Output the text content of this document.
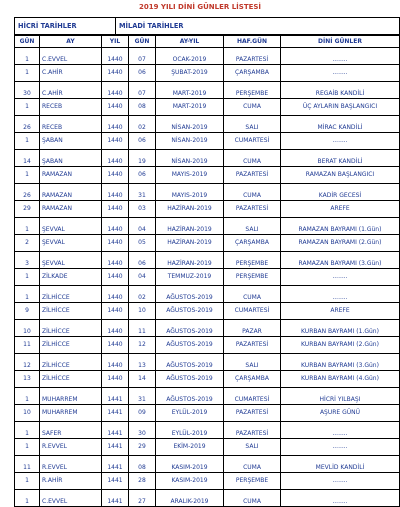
2019 YILI DİNİ GÜNLER LİSTESİ
HİCRİ TARİHLER	MİLADİ TARİHLER
GÜN	AY	YIL	GÜN	AY-YIL	HAF.GÜN	DİNİ GÜNLER
1	C.EVVEL	1440	07	OCAK-2019	PAZARTESİ	........
1	C.AHİR	1440	06	ŞUBAT-2019	ÇARŞAMBA	........
30	C.AHİR	1440	07	MART-2019	PERŞEMBE	REGAİB KANDİLİ
1	RECEB	1440	08	MART-2019	CUMA	ÜÇ AYLARIN BAŞLANGICI
26	RECEB	1440	02	NİSAN-2019	SALI	MİRAC KANDİLİ
1	ŞABAN	1440	06	NİSAN-2019	CUMARTESİ	........
14	ŞABAN	1440	19	NİSAN-2019	CUMA	BERAT KANDİLİ
1	RAMAZAN	1440	06	MAYIS-2019	PAZARTESİ	RAMAZAN BAŞLANGICI
26	RAMAZAN	1440	31	MAYIS-2019	CUMA	KADİR GECESİ
29	RAMAZAN	1440	03	HAZİRAN-2019	PAZARTESİ	AREFE
1	ŞEVVAL	1440	04	HAZİRAN-2019	SALI	RAMAZAN BAYRAMI (1.Gün)
2	ŞEVVAL	1440	05	HAZİRAN-2019	ÇARŞAMBA	RAMAZAN BAYRAMI (2.Gün)
3	ŞEVVAL	1440	06	HAZİRAN-2019	PERŞEMBE	RAMAZAN BAYRAMI (3.Gün)
1	ZİLKADE	1440	04	TEMMUZ-2019	PERŞEMBE	........
1	ZİLHİCCE	1440	02	AĞUSTOS-2019	CUMA	........
9	ZİLHİCCE	1440	10	AĞUSTOS-2019	CUMARTESİ	AREFE
10	ZİLHİCCE	1440	11	AĞUSTOS-2019	PAZAR	KURBAN BAYRAMI (1.Gün)
11	ZİLHİCCE	1440	12	AĞUSTOS-2019	PAZARTESİ	KURBAN BAYRAMI (2.Gün)
12	ZİLHİCCE	1440	13	AĞUSTOS-2019	SALI	KURBAN BAYRAMI (3.Gün)
13	ZİLHİCCE	1440	14	AĞUSTOS-2019	ÇARŞAMBA	KURBAN BAYRAMI (4.Gün)
1	MUHARREM	1441	31	AĞUSTOS-2019	CUMARTESİ	HİCRİ YILBAŞI
10	MUHARREM	1441	09	EYLÜL-2019	PAZARTESİ	AŞURE GÜNÜ
1	SAFER	1441	30	EYLÜL-2019	PAZARTESİ	........
1	R.EVVEL	1441	29	EKİM-2019	SALI	........
11	R.EVVEL	1441	08	KASIM-2019	CUMA	MEVLİD KANDİLİ
1	R.AHİR	1441	28	KASIM-2019	PERŞEMBE	........
1	C.EVVEL	1441	27	ARALIK-2019	CUMA	........
